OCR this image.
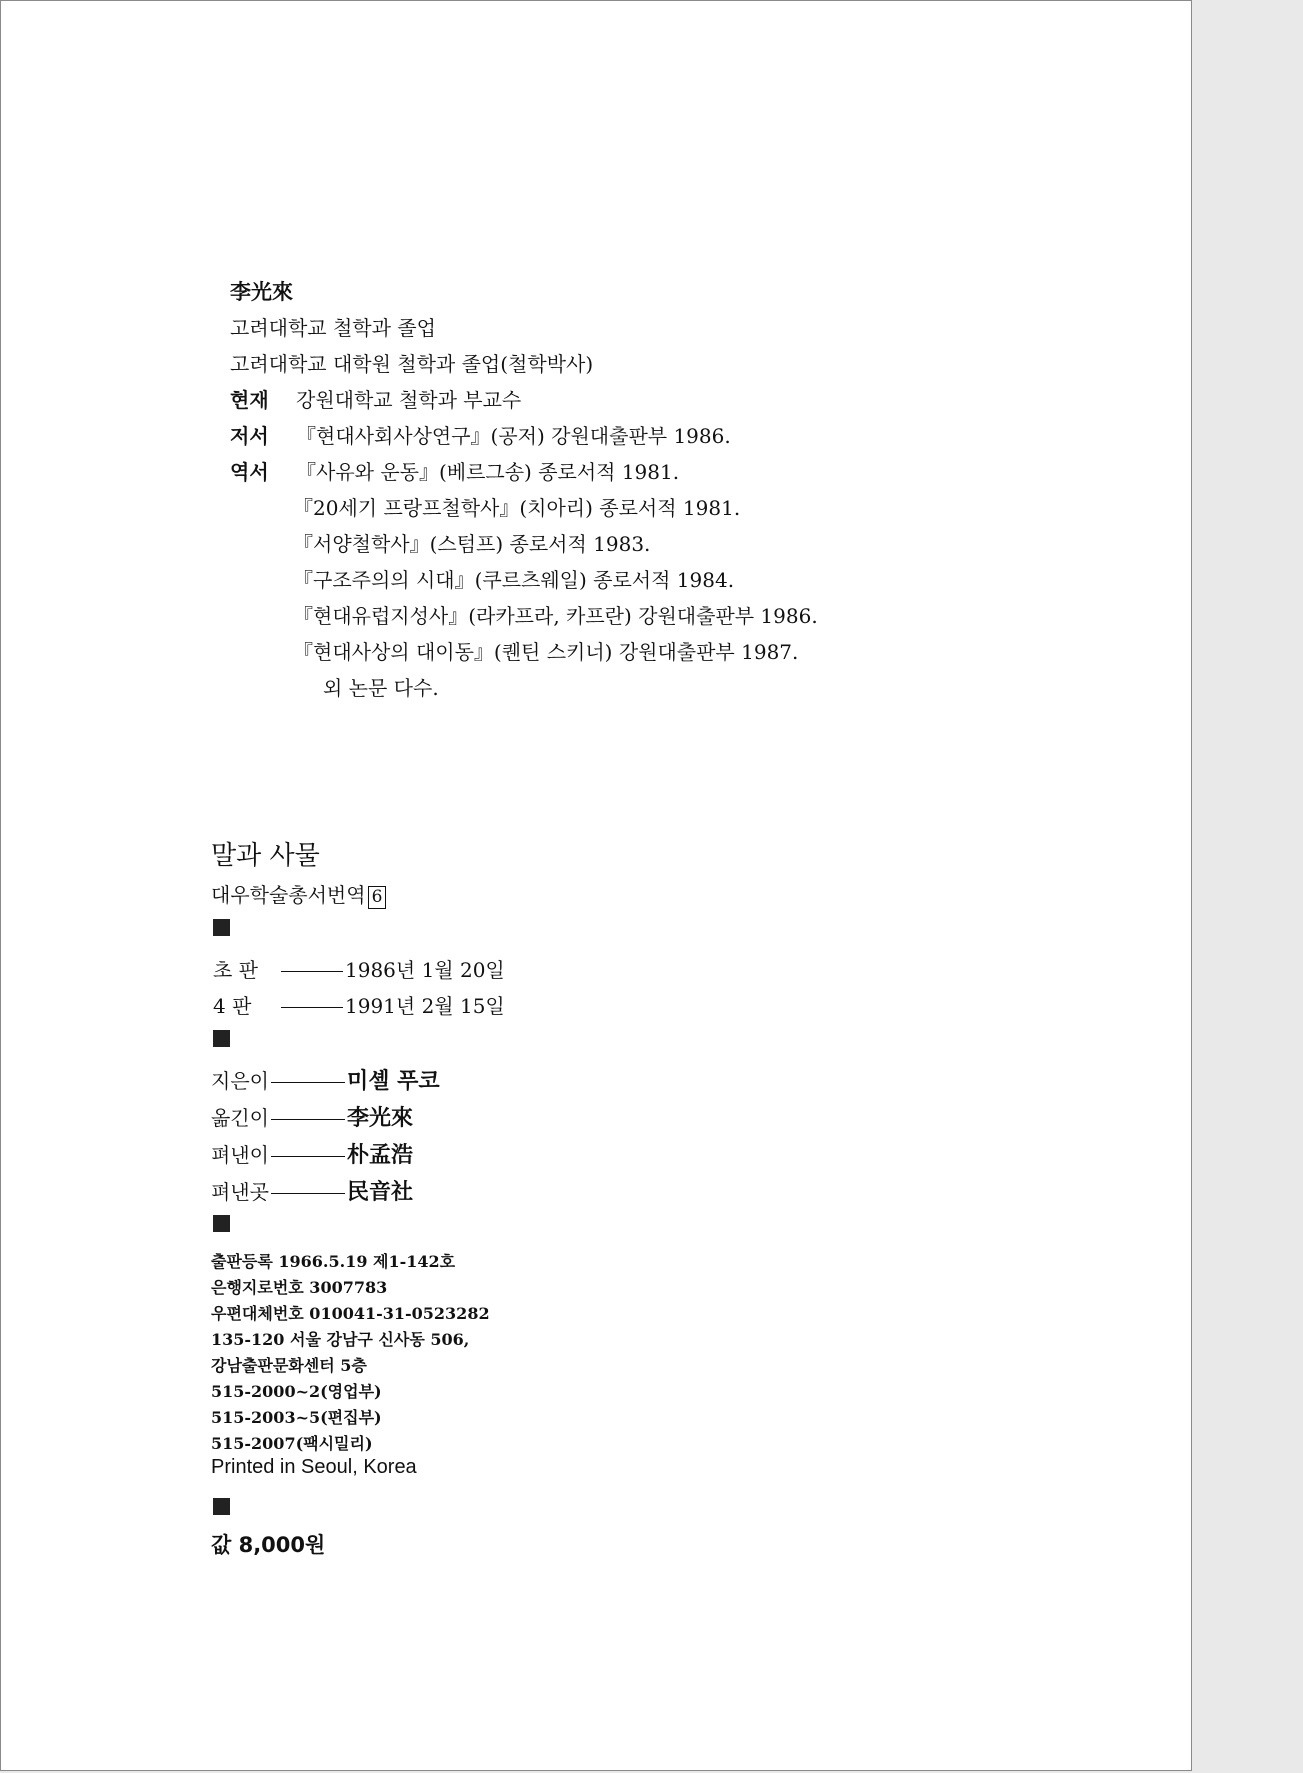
李光來
고려대학교 철학과 졸업
고려대학교 대학원 철학과 졸업(철학박사)
현재 강원대학교 철학과 부교수
저서 『현대사회사상연구』(공저) 강원대출판부 1986.
역서 『사유와 운동』(베르그송) 종로서적 1981.
『20세기 프랑프철학사』(치아리) 종로서적 1981.
『서양철학사』(스텀프) 종로서적 1983.
『구조주의의 시대』(쿠르츠웨일) 종로서적 1984.
『현대유럽지성사』(라카프라, 카프란) 강원대출판부 1986.
『현대사상의 대이동』(퀜틴 스키너) 강원대출판부 1987.
외 논문 다수.
말과 사물
대우학술총서번역 6
초 판	1986년 1월 20일
4 판	1991년 2월 15일
지은이	미셸 푸코
옮긴이	李光來
펴낸이	朴孟浩
펴낸곳	民音社
출판등록 1966.5.19 제1-142호
은행지로번호 3007783
우편대체번호 010041-31-0523282
135-120 서울 강남구 신사동 506,
강남출판문화센터 5층
515-2000~2(영업부)
515-2003~5(편집부)
515-2007(팩시밀리)
Printed in Seoul, Korea
값 8,000원
